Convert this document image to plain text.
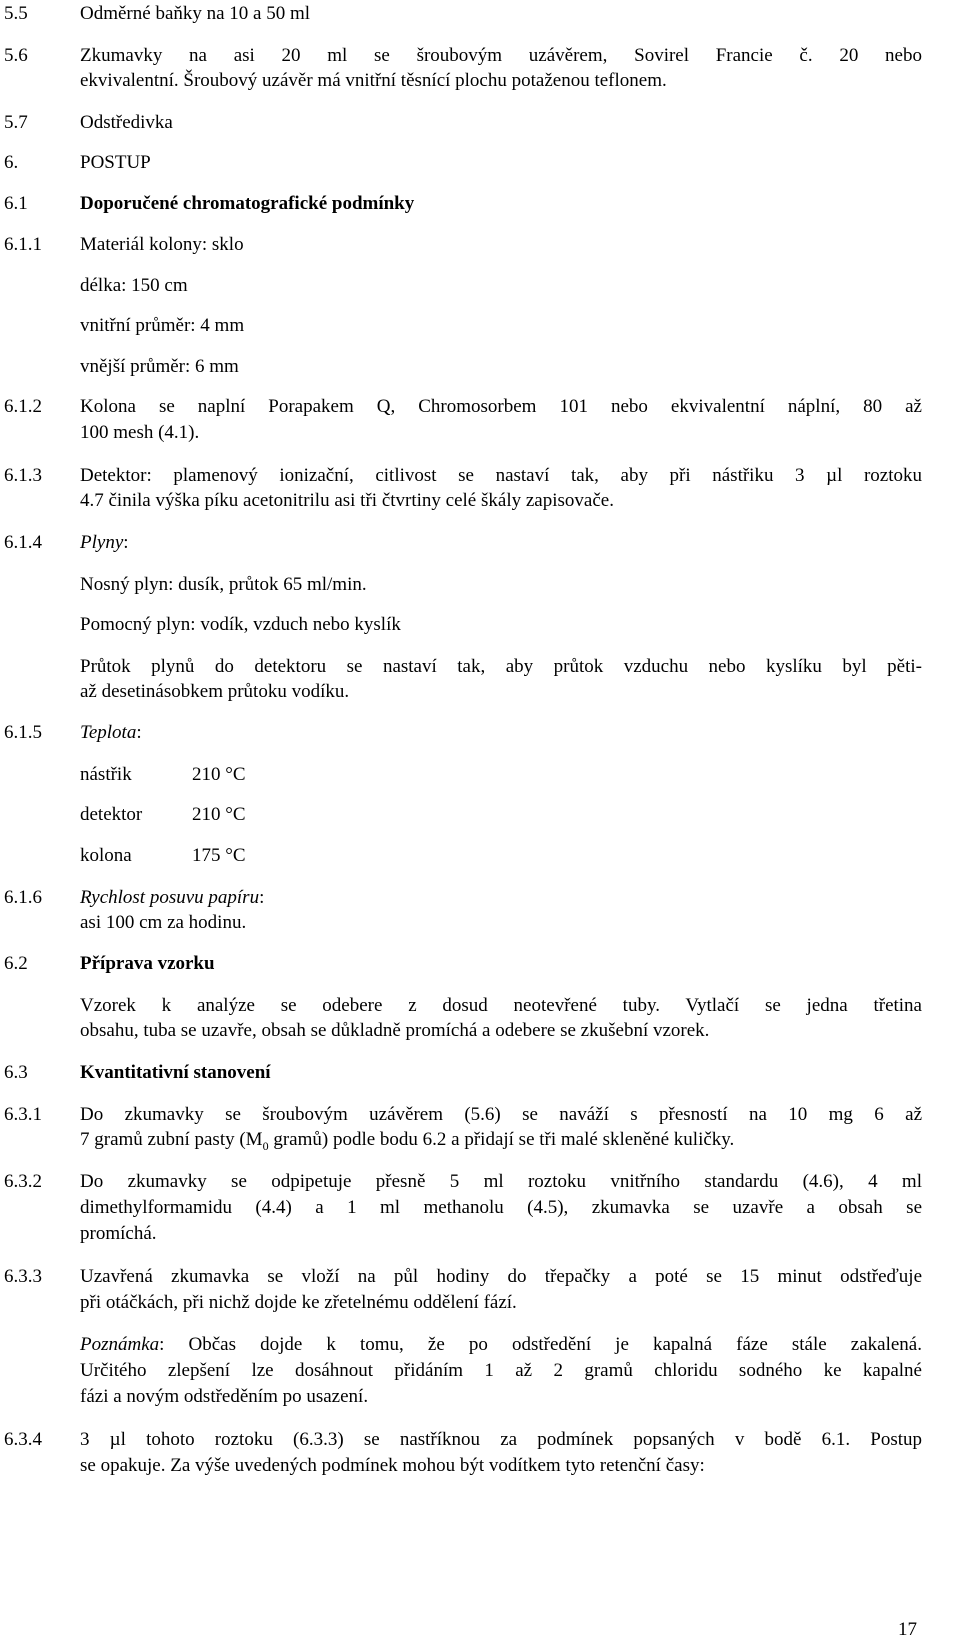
5.5	Odměrné baňky na 10 a 50 ml
5.6	Zkumavky na asi 20 ml se šroubovým uzávěrem, Sovirel Francie č. 20 nebo
ekvivalentní. Šroubový uzávěr má vnitřní těsnící plochu potaženou teflonem.
5.7	Odstředivka
6.	POSTUP
6.1	Doporučené chromatografické podmínky
6.1.1 Materiál kolony: sklo
délka: 150 cm
vnitřní průměr: 4 mm
vnější průměr: 6 mm
6.1.2 Kolona se naplní Porapakem Q, Chromosorbem 101 nebo ekvivalentní náplní, 80 až
100 mesh (4.1).
6.1.3 Detektor: plamenový ionizační, citlivost se nastaví tak, aby při nástřiku 3 µl roztoku
4.7 činila výška píku acetonitrilu asi tři čtvrtiny celé škály zapisovače.
6.1.4 Plyny:
Nosný plyn: dusík, průtok 65 ml/min.
Pomocný plyn: vodík, vzduch nebo kyslík
Průtok plynů do detektoru se nastaví tak, aby průtok vzduchu nebo kyslíku byl pěti-
až desetinásobkem průtoku vodíku.
6.1.5 Teplota:
nástřik	210 °C
detektor	210 °C
kolona	175 °C
6.1.6 Rychlost posuvu papíru:
asi 100 cm za hodinu.
6.2	Příprava vzorku
Vzorek k analýze se odebere z dosud neotevřené tuby. Vytlačí se jedna třetina
obsahu, tuba se uzavře, obsah se důkladně promíchá a odebere se zkušební vzorek.
6.3	Kvantitativní stanovení
6.3.1 Do zkumavky se šroubovým uzávěrem (5.6) se naváží s přesností na 10 mg 6 až
7 gramů zubní pasty ($M_0$ gramů) podle bodu 6.2 a přidají se tři malé skleněné kuličky.
6.3.2 Do zkumavky se odpipetuje přesně 5 ml roztoku vnitřního standardu (4.6), 4 ml
dimethylformamidu (4.4) a 1 ml methanolu (4.5), zkumavka se uzavře a obsah se
promíchá.
6.3.3 Uzavřená zkumavka se vloží na půl hodiny do třepačky a poté se 15 minut odstřeďuje
při otáčkách, při nichž dojde ke zřetelnému oddělení fází.
Poznámka: Občas dojde k tomu, že po odstředění je kapalná fáze stále zakalená.
Určitého zlepšení lze dosáhnout přidáním 1 až 2 gramů chloridu sodného ke kapalné
fázi a novým odstředěním po usazení.
6.3.4 3 µl tohoto roztoku (6.3.3) se nastříknou za podmínek popsaných v bodě 6.1. Postup
se opakuje. Za výše uvedených podmínek mohou být vodítkem tyto retenční časy:
17
